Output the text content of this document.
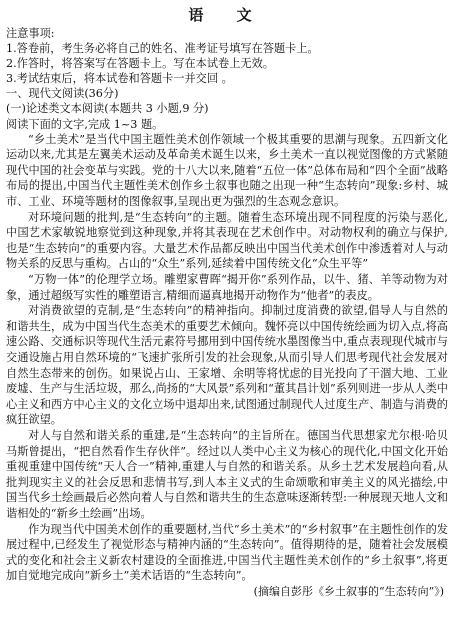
语 文

注意事项:

1.答卷前，考生务必将自己的姓名、准考证号填写在答题卡上。

2.作答时，将答案写在答题卡上。写在本试卷上无效。

3.考试结束后，将本试卷和答题卡一并交回 。

一、现代文阅读(36分)

(一)论述类文本阅读(本题共 3 小题,9 分)

阅读下面的文字,完成 1~3 题。

“乡土美术”是当代中国主题性美术创作领域一个极其重要的思潮与现象。五四新文化运动以来,尤其是左翼美术运动及革命美术诞生以来，乡土美术一直以视觉图像的方式紧随现代中国的社会变革与实践。党的十八大以来,随着“五位一体”总体布局和“四个全面”战略布局的提出,中国当代主题性美术创作乡土叙事也随之出现一种“生态转向”现象:乡村、城市、工业、环境等题材的图像叙事,呈现出更为强烈的生态观念意识。

对环境问题的批判,是“生态转向”的主题。随着生态环境出现不同程度的污染与恶化,中国艺术家敏锐地察觉到这种现象,并将其表现在艺术创作中。对动物权利的确立与保护,也是“生态转向”的重要内容。大量艺术作品都反映出中国当代美术创作中渗透着对人与动物关系的反思与重构。占山的“众生”系列,延续着中国传统文化“众生平等”

“万物一体”的伦理学立场。雕塑家曹晖“揭开你”系列作品，以牛、猪、羊等动物为对象，通过超级写实性的雕塑语言,精细而逼真地揭开动物作为“他者”的表皮。

对消费欲望的克制,是“生态转向”的精神指向。抑制过度消费的欲望,倡导人与自然的和谐共生，成为中国当代生态美术的重要艺术倾向。魏怀亮以中国传统绘画为切入点,将高速公路、交通标识等现代生活元素符号挪用到中国传统水墨图像当中,重点表现现代城市与交通设施占用自然环境的“飞速扩张所引发的社会现象,从而引导人们思考现代社会发展对自然生态带来的创伤。如果说占山、王家增、余明等将忧虑的目光投向了干涸大地、工业废墟、生产与生活垃圾，那么,尚扬的“大风景”系列和“董其昌计划”系列则进一步从人类中心主义和西方中心主义的文化立场中退却出来,试图通过制现代人过度生产、制造与消费的疯狂欲望。

对人与自然和谐关系的重建,是“生态转向”的主旨所在。德国当代思想家尤尔根·哈贝马斯曾提出，“把自然看作生存伙伴”。经过以人类中心主义为核心的现代化,中国文化开始重视重建中国传统“天人合一”精神,重建人与自然的和谐关系。从乡土艺术发展趋向看,从批判现实主义的社会反思和悲情书写,到人本主义式的生命颂歌和审美主义的风光描绘,中国当代乡土绘画最后必然向着人与自然和谐共生的生态意味逐渐转型:一种展现天地人文和谐相处的“新乡土绘画”出场。

作为现当代中国美术创作的重要题材,当代“乡土美术”的“乡村叙事”在主题性创作的发展过程中,已经发生了视觉形态与精神内涵的“生态转向”。值得期待的是，随着社会发展模式的变化和社会主义新农村建设的全面推进,中国当代主题性美术创作的“乡土叙事”,将更加自觉地完成向“新乡土”美术话语的“生态转向”。

(摘编自彭彤《乡土叙事的“生态转向”》)
